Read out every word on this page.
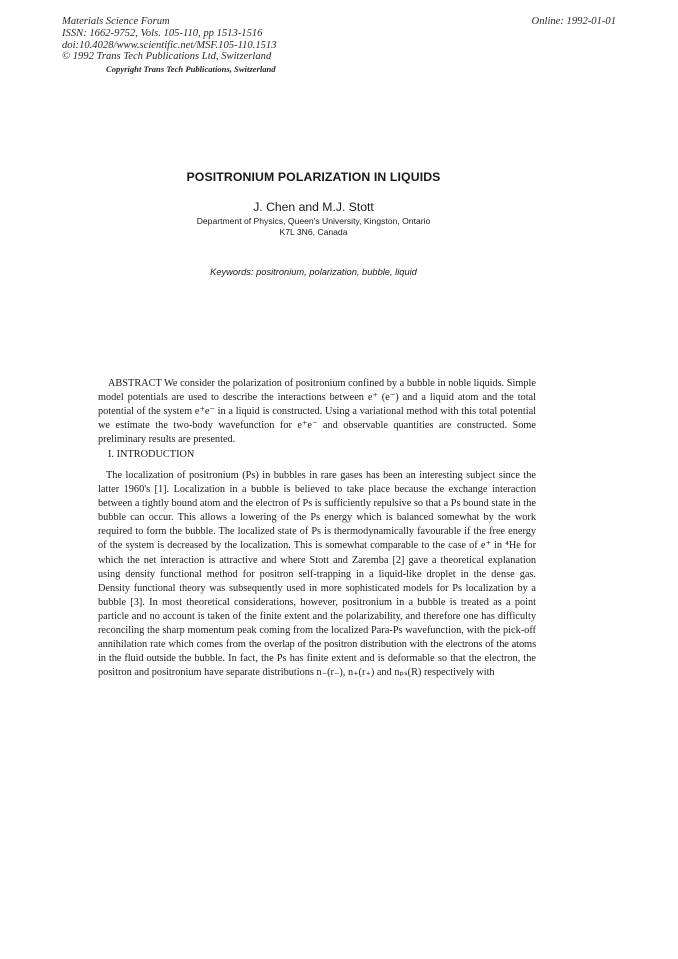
Materials Science Forum
ISSN: 1662-9752, Vols. 105-110, pp 1513-1516
doi:10.4028/www.scientific.net/MSF.105-110.1513
© 1992 Trans Tech Publications Ltd, Switzerland
Copyright Trans Tech Publications, Switzerland
Online: 1992-01-01
POSITRONIUM POLARIZATION IN LIQUIDS
J. Chen and M.J. Stott
Department of Physics, Queen's University, Kingston, Ontario
K7L 3N6, Canada
Keywords: positronium, polarization, bubble, liquid
ABSTRACT We consider the polarization of positronium confined by a bubble in noble liquids. Simple model potentials are used to describe the interactions between e⁺ (e⁻) and a liquid atom and the total potential of the system e⁺e⁻ in a liquid is constructed. Using a variational method with this total potential we estimate the two-body wavefunction for e⁺e⁻ and observable quantities are constructed. Some preliminary results are presented.
I. INTRODUCTION
The localization of positronium (Ps) in bubbles in rare gases has been an interesting subject since the latter 1960's [1]. Localization in a bubble is believed to take place because the exchange interaction between a tightly bound atom and the electron of Ps is sufficiently repulsive so that a Ps bound state in the bubble can occur. This allows a lowering of the Ps energy which is balanced somewhat by the work required to form the bubble. The localized state of Ps is thermodynamically favourable if the free energy of the system is decreased by the localization. This is somewhat comparable to the case of e⁺ in ⁴He for which the net interaction is attractive and where Stott and Zaremba [2] gave a theoretical explanation using density functional method for positron self-trapping in a liquid-like droplet in the dense gas. Density functional theory was subsequently used in more sophisticated models for Ps localization by a bubble [3]. In most theoretical considerations, however, positronium in a bubble is treated as a point particle and no account is taken of the finite extent and the polarizability, and therefore one has difficulty reconciling the sharp momentum peak coming from the localized Para-Ps wavefunction, with the pick-off annihilation rate which comes from the overlap of the positron distribution with the electrons of the atoms in the fluid outside the bubble. In fact, the Ps has finite extent and is deformable so that the electron, the positron and positronium have separate distributions n₋(r₋), n₊(r₊) and nₚₛ(R) respectively with
